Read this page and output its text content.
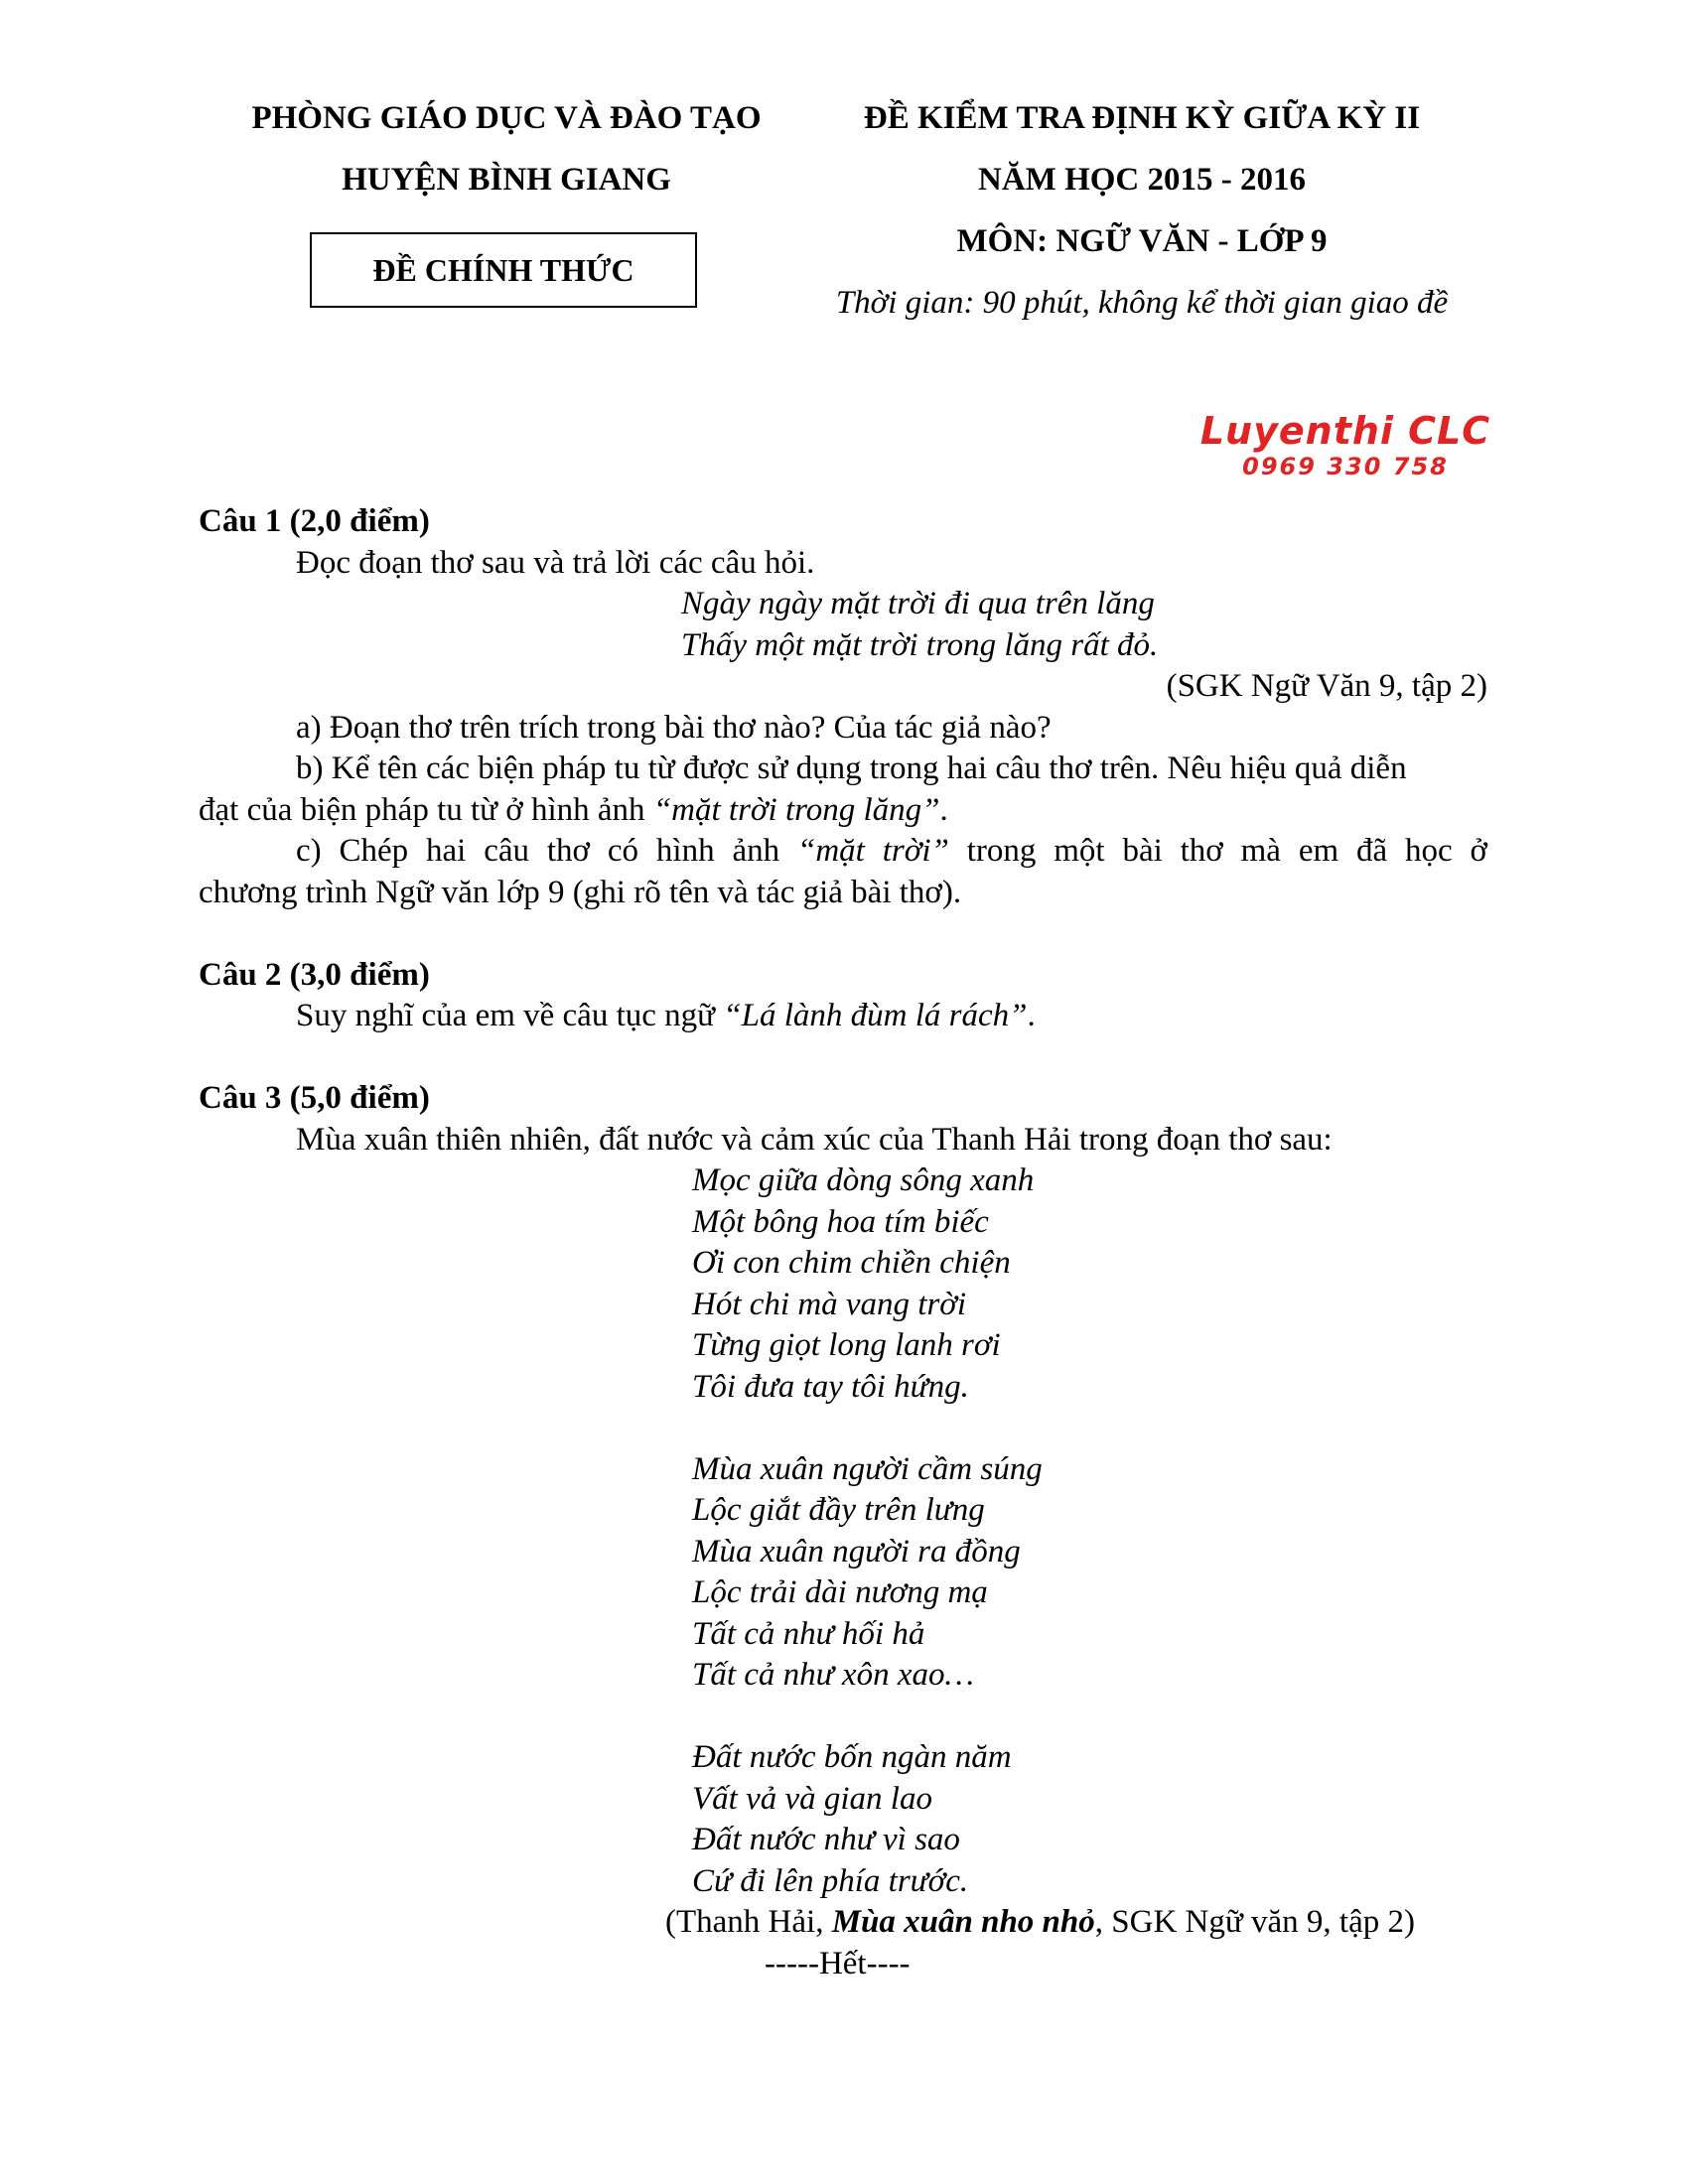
PHÒNG GIÁO DỤC VÀ ĐÀO TẠO
HUYỆN BÌNH GIANG
ĐỀ CHÍNH THỨC
ĐỀ KIỂM TRA ĐỊNH KỲ GIỮA KỲ II
NĂM HỌC 2015 - 2016
MÔN: NGỮ VĂN - LỚP 9
Thời gian: 90 phút, không kể thời gian giao đề
Luyenthi CLC
0969 330 758
Câu 1 (2,0 điểm)
Đọc đoạn thơ sau và trả lời các câu hỏi.
Ngày ngày mặt trời đi qua trên lăng
Thấy một mặt trời trong lăng rất đỏ.
(SGK Ngữ Văn 9, tập 2)
a) Đoạn thơ trên trích trong bài thơ nào? Của tác giả nào?
b) Kể tên các biện pháp tu từ được sử dụng trong hai câu thơ trên. Nêu hiệu quả diễn
đạt của biện pháp tu từ ở hình ảnh “mặt trời trong lăng”.
c) Chép hai câu thơ có hình ảnh “mặt trời” trong một bài thơ mà em đã học ở
chương trình Ngữ văn lớp 9 (ghi rõ tên và tác giả bài thơ).
Câu 2 (3,0 điểm)
Suy nghĩ của em về câu tục ngữ “Lá lành đùm lá rách”.
Câu 3 (5,0 điểm)
Mùa xuân thiên nhiên, đất nước và cảm xúc của Thanh Hải trong đoạn thơ sau:
Mọc giữa dòng sông xanh
Một bông hoa tím biếc
Ơi con chim chiền chiện
Hót chi mà vang trời
Từng giọt long lanh rơi
Tôi đưa tay tôi hứng.
Mùa xuân người cầm súng
Lộc giắt đầy trên lưng
Mùa xuân người ra đồng
Lộc trải dài nương mạ
Tất cả như hối hả
Tất cả như xôn xao…
Đất nước bốn ngàn năm
Vất vả và gian lao
Đất nước như vì sao
Cứ đi lên phía trước.
(Thanh Hải, Mùa xuân nho nhỏ, SGK Ngữ văn 9, tập 2)
-----Hết----
